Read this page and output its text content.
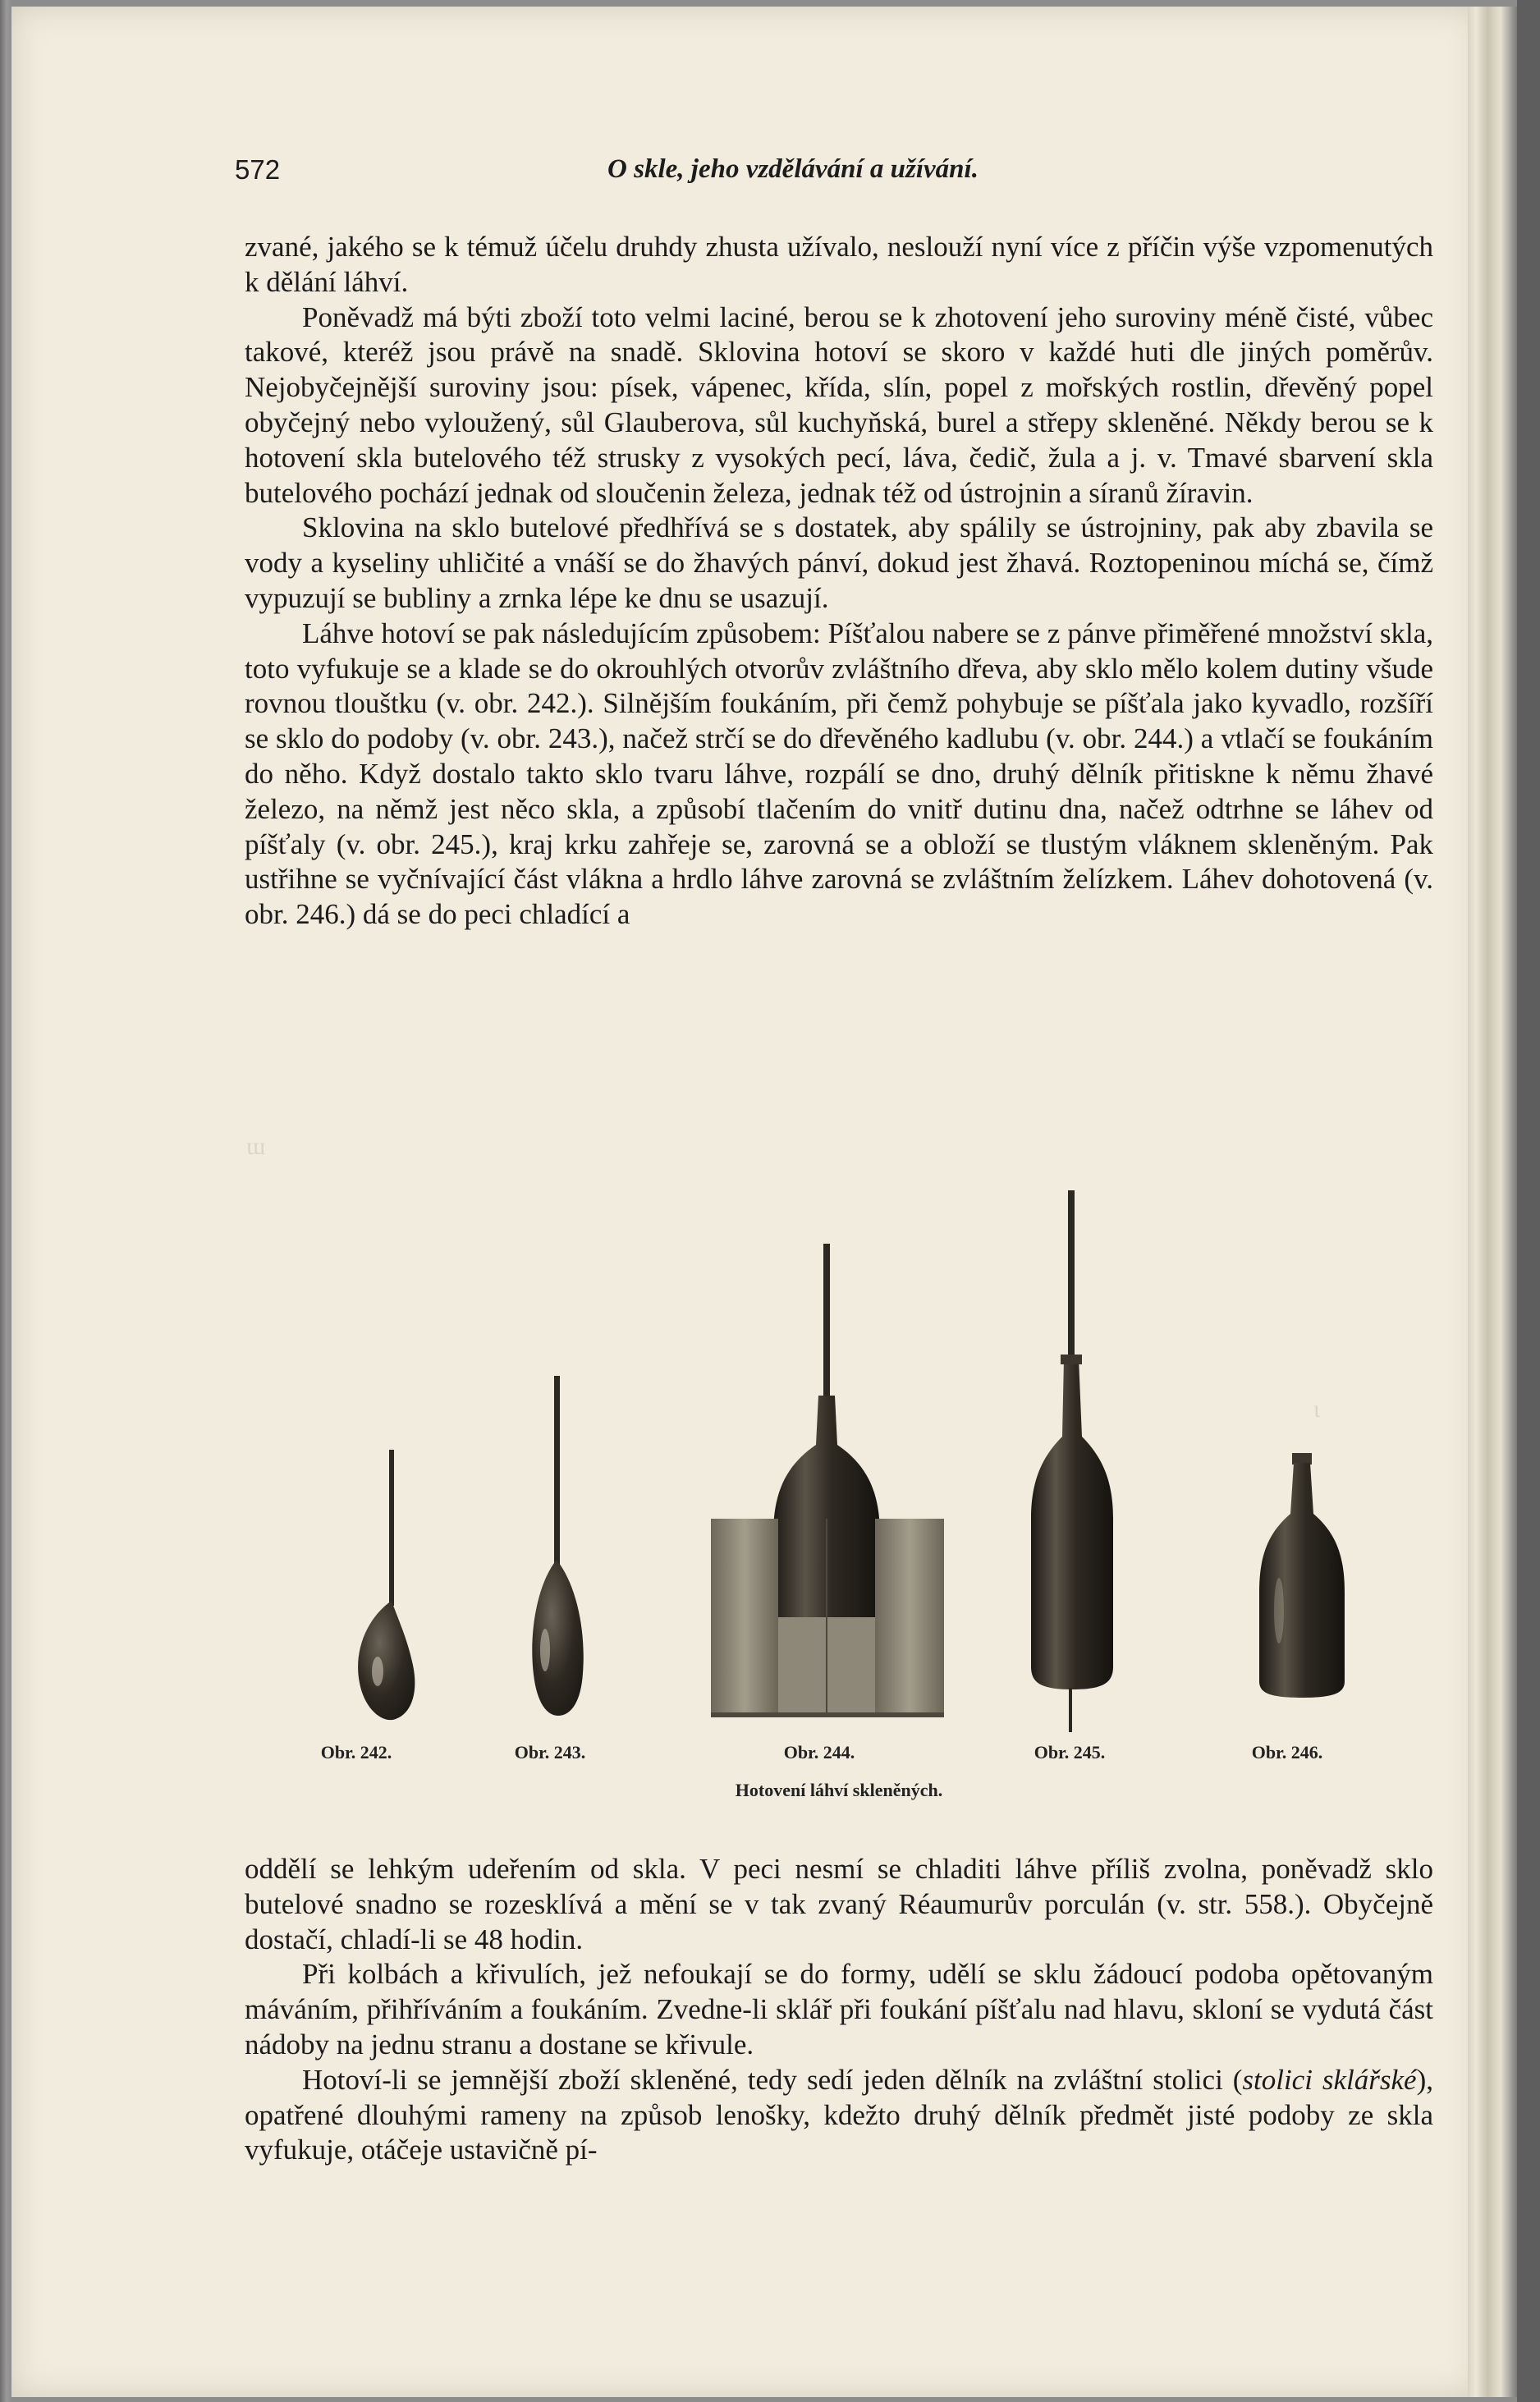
ɯ
ɩ
572	O skle, jeho vzdělávání a užívání.

zvané, jakého se k témuž účelu druhdy zhusta užívalo, neslouží nyní více z příčin výše vzpomenutých k dělání láhví.

Poněvadž má býti zboží toto velmi laciné, berou se k zhotovení jeho suroviny méně čisté, vůbec takové, kteréž jsou právě na snadě. Sklovina hotoví se skoro v každé huti dle jiných poměrův. Nejobyčejnější suroviny jsou: písek, vápenec, křída, slín, popel z mořských rostlin, dřevěný popel obyčejný nebo vyloužený, sůl Glauberova, sůl kuchyňská, burel a střepy skleněné. Někdy berou se k hotovení skla butelového též strusky z vysokých pecí, láva, čedič, žula a j. v. Tmavé sbarvení skla butelového pochází jednak od sloučenin železa, jednak též od ústrojnin a síranů žíravin.

Sklovina na sklo butelové předhřívá se s dostatek, aby spálily se ústrojniny, pak aby zbavila se vody a kyseliny uhličité a vnáší se do žhavých pánví, dokud jest žhavá. Roztopeninou míchá se, čímž vypuzují se bubliny a zrnka lépe ke dnu se usazují.

Láhve hotoví se pak následujícím způsobem: Píšťalou nabere se z pánve přiměřené množství skla, toto vyfukuje se a klade se do okrouhlých otvorův zvláštního dřeva, aby sklo mělo kolem dutiny všude rovnou tlouštku (v. obr. 242.). Silnějším foukáním, při čemž pohybuje se píšťala jako kyvadlo, rozšíří se sklo do podoby (v. obr. 243.), načež strčí se do dřevěného kadlubu (v. obr. 244.) a vtlačí se foukáním do něho. Když dostalo takto sklo tvaru láhve, rozpálí se dno, druhý dělník přitiskne k němu žhavé železo, na němž jest něco skla, a způsobí tlačením do vnitř dutinu dna, načež odtrhne se láhev od píšťaly (v. obr. 245.), kraj krku zahřeje se, zarovná se a obloží se tlustým vláknem skleněným. Pak ustřihne se vyčnívající část vlákna a hrdlo láhve zarovná se zvláštním želízkem. Láhev dohotovená (v. obr. 246.) dá se do peci chladící a

Obr. 242.	Obr. 243.	Obr. 244.	Obr. 245.	Obr. 246.
Hotovení láhví skleněných.

oddělí se lehkým udeřením od skla. V peci nesmí se chladiti láhve příliš zvolna, poněvadž sklo butelové snadno se rozesklívá a mění se v tak zvaný Réaumurův porculán (v. str. 558.). Obyčejně dostačí, chladí-li se 48 hodin.

Při kolbách a křivulích, jež nefoukají se do formy, udělí se sklu žádoucí podoba opětovaným máváním, přihříváním a foukáním. Zvedne-li sklář při foukání píšťalu nad hlavu, skloní se vydutá část nádoby na jednu stranu a dostane se křivule.

Hotoví-li se jemnější zboží skleněné, tedy sedí jeden dělník na zvláštní stolici (stolici sklářské), opatřené dlouhými rameny na způsob lenošky, kdežto druhý dělník předmět jisté podoby ze skla vyfukuje, otáčeje ustavičně pí-
